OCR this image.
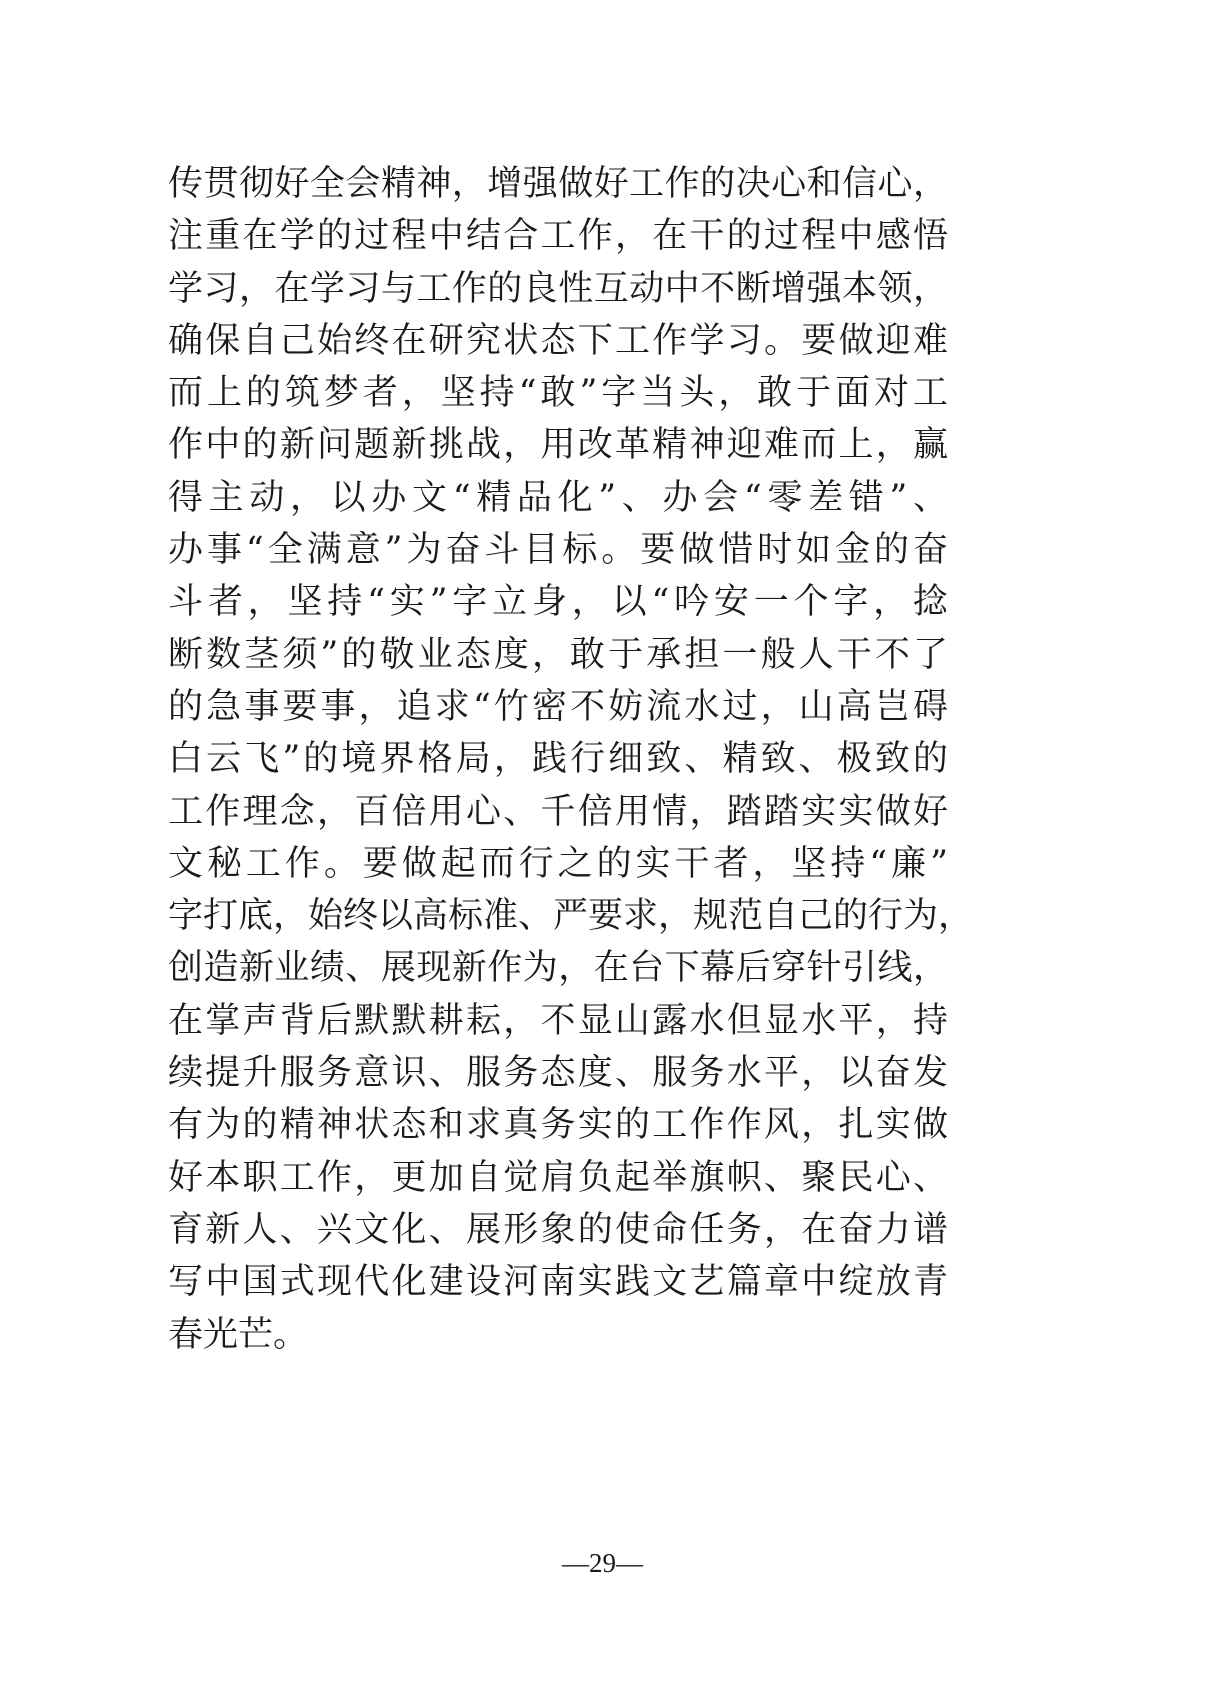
传贯彻好全会精神，增强做好工作的决心和信心，
注重在学的过程中结合工作，在干的过程中感悟
学习，在学习与工作的良性互动中不断增强本领，
确保自己始终在研究状态下工作学习。要做迎难
而上的筑梦者，坚持“敢”字当头，敢于面对工
作中的新问题新挑战，用改革精神迎难而上，赢
得主动，以办文“精品化”、办会“零差错”、
办事“全满意”为奋斗目标。要做惜时如金的奋
斗者，坚持“实”字立身，以“吟安一个字，捻
断数茎须”的敬业态度，敢于承担一般人干不了
的急事要事，追求“竹密不妨流水过，山高岂碍
白云飞”的境界格局，践行细致、精致、极致的
工作理念，百倍用心、千倍用情，踏踏实实做好
文秘工作。要做起而行之的实干者，坚持“廉”
字打底，始终以高标准、严要求，规范自己的行为，
创造新业绩、展现新作为，在台下幕后穿针引线，
在掌声背后默默耕耘，不显山露水但显水平，持
续提升服务意识、服务态度、服务水平，以奋发
有为的精神状态和求真务实的工作作风，扎实做
好本职工作，更加自觉肩负起举旗帜、聚民心、
育新人、兴文化、展形象的使命任务，在奋力谱
写中国式现代化建设河南实践文艺篇章中绽放青
春光芒。
—29—
